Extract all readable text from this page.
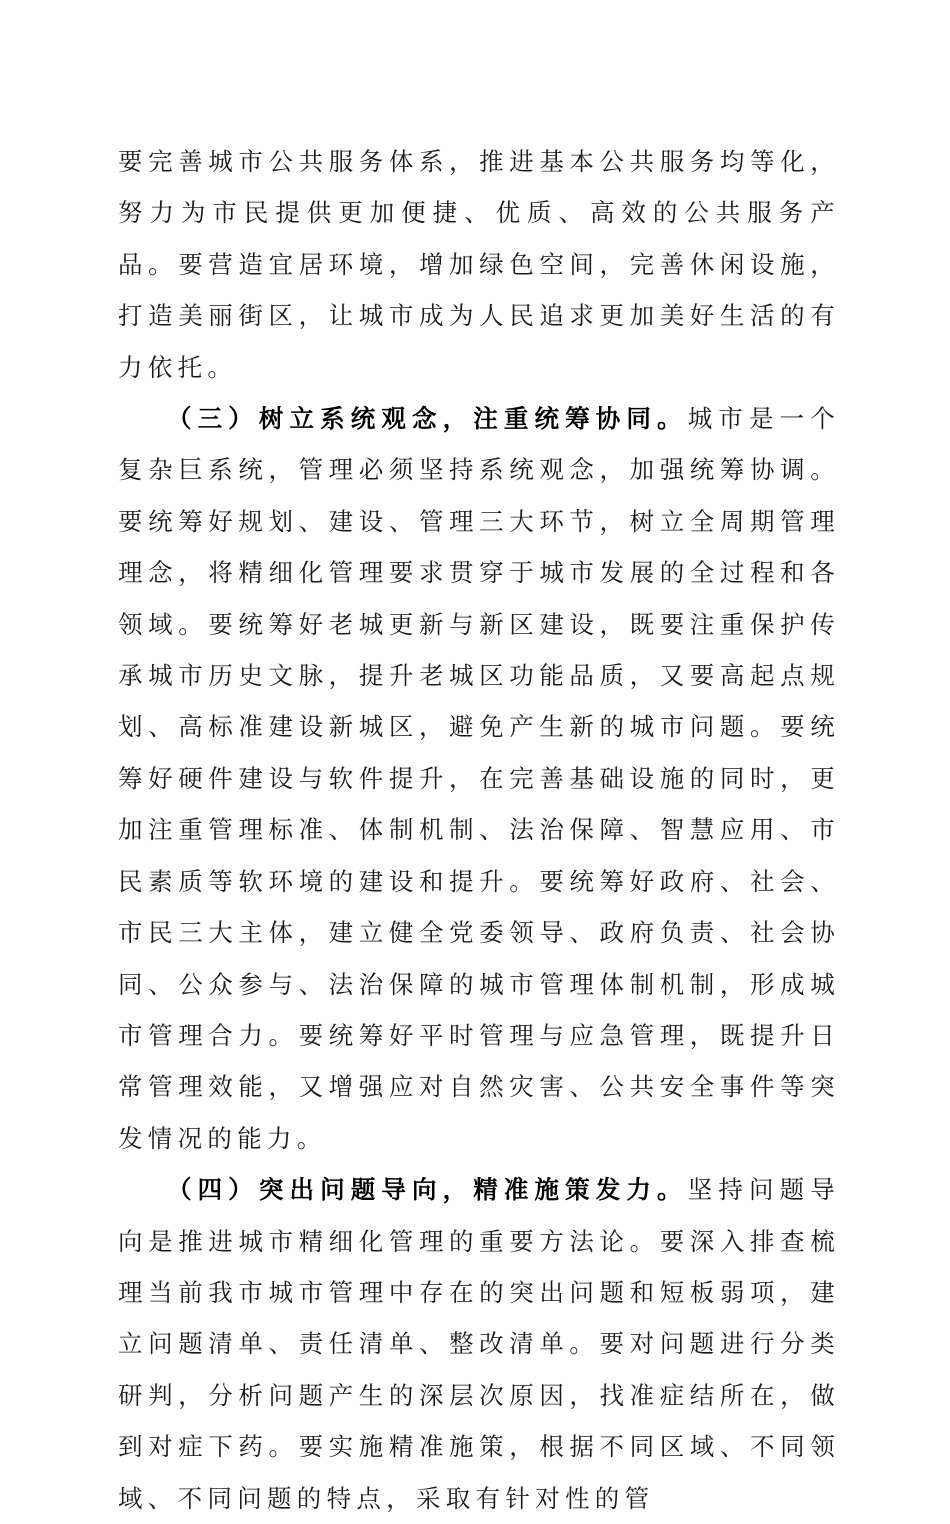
要完善城市公共服务体系，推进基本公共服务均等化，努力为市民提供更加便捷、优质、高效的公共服务产品。要营造宜居环境，增加绿色空间，完善休闲设施，打造美丽街区，让城市成为人民追求更加美好生活的有力依托。

（三）树立系统观念，注重统筹协同。城市是一个复杂巨系统，管理必须坚持系统观念，加强统筹协调。要统筹好规划、建设、管理三大环节，树立全周期管理理念，将精细化管理要求贯穿于城市发展的全过程和各领域。要统筹好老城更新与新区建设，既要注重保护传承城市历史文脉，提升老城区功能品质，又要高起点规划、高标准建设新城区，避免产生新的城市问题。要统筹好硬件建设与软件提升，在完善基础设施的同时，更加注重管理标准、体制机制、法治保障、智慧应用、市民素质等软环境的建设和提升。要统筹好政府、社会、市民三大主体，建立健全党委领导、政府负责、社会协同、公众参与、法治保障的城市管理体制机制，形成城市管理合力。要统筹好平时管理与应急管理，既提升日常管理效能，又增强应对自然灾害、公共安全事件等突发情况的能力。

（四）突出问题导向，精准施策发力。坚持问题导向是推进城市精细化管理的重要方法论。要深入排查梳理当前我市城市管理中存在的突出问题和短板弱项，建立问题清单、责任清单、整改清单。要对问题进行分类研判，分析问题产生的深层次原因，找准症结所在，做到对症下药。要实施精准施策，根据不同区域、不同领域、不同问题的特点，采取有针对性的管
